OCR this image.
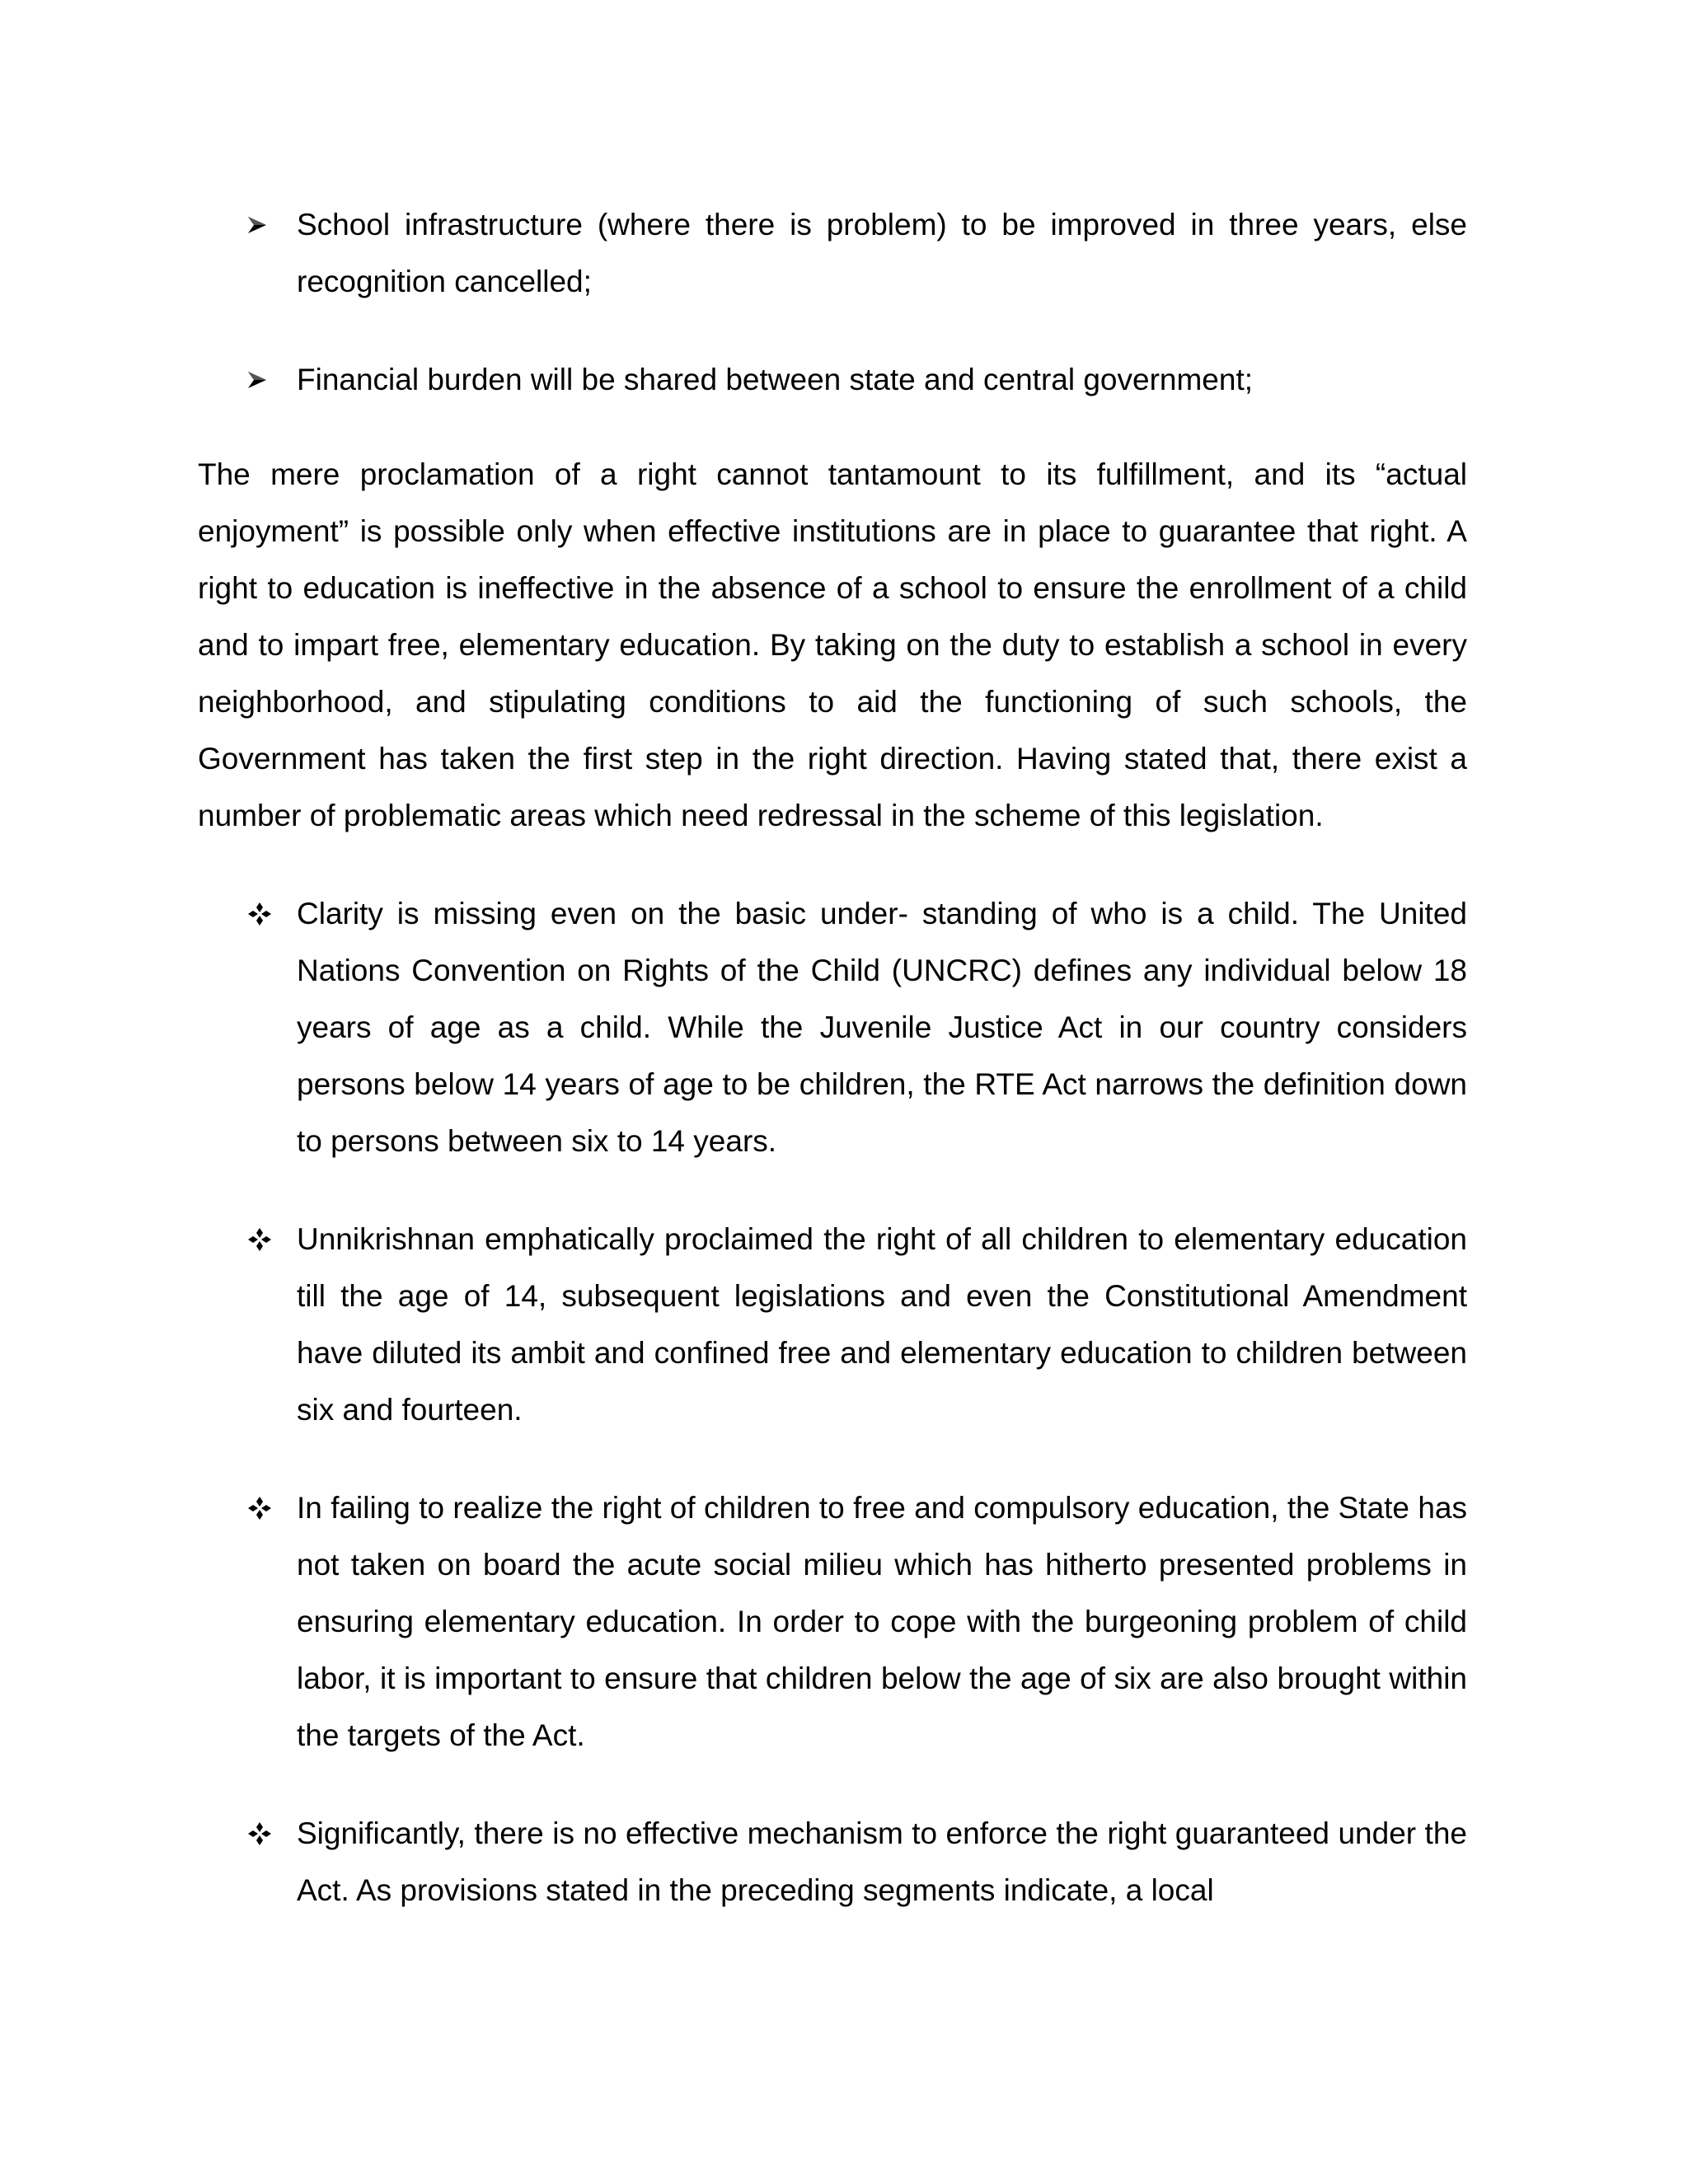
School infrastructure (where there is problem) to be improved in three years, else recognition cancelled;
Financial burden will be shared between state and central government;

The mere proclamation of a right cannot tantamount to its fulfillment, and its “actual enjoyment” is possible only when effective institutions are in place to guarantee that right. A right to education is ineffective in the absence of a school to ensure the enrollment of a child and to impart free, elementary education. By taking on the duty to establish a school in every neighborhood, and stipulating conditions to aid the functioning of such schools, the Government has taken the first step in the right direction. Having stated that, there exist a number of problematic areas which need redressal in the scheme of this legislation.

Clarity is missing even on the basic under- standing of who is a child. The United Nations Convention on Rights of the Child (UNCRC) defines any individual below 18 years of age as a child. While the Juvenile Justice Act in our country considers persons below 14 years of age to be children, the RTE Act narrows the definition down to persons between six to 14 years.
Unnikrishnan emphatically proclaimed the right of all children to elementary education till the age of 14, subsequent legislations and even the Constitutional Amendment have diluted its ambit and confined free and elementary education to children between six and fourteen.
In failing to realize the right of children to free and compulsory education, the State has not taken on board the acute social milieu which has hitherto presented problems in ensuring elementary education. In order to cope with the burgeoning problem of child labor, it is important to ensure that children below the age of six are also brought within the targets of the Act.
Significantly, there is no effective mechanism to enforce the right guaranteed under the Act. As provisions stated in the preceding segments indicate, a local
